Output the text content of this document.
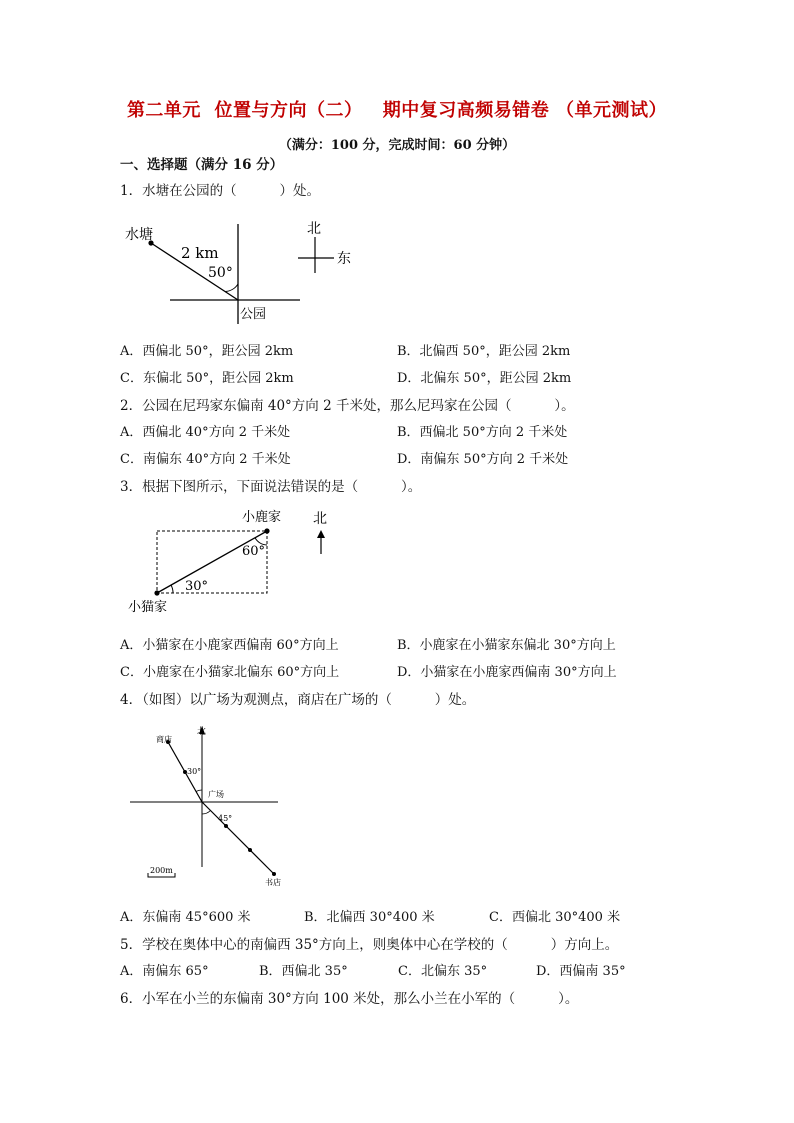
第二单元  位置与方向（二）   期中复习高频易错卷 （单元测试）
（满分：100 分，完成时间：60 分钟）
一、选择题（满分 16 分）
1．水塘在公园的（          ）处。
水塘
2 km
50°
公园
北
东
A．西偏北 50°，距公园 2km	B．北偏西 50°，距公园 2km
C．东偏北 50°，距公园 2km	D．北偏东 50°，距公园 2km
2．公园在尼玛家东偏南 40°方向 2 千米处，那么尼玛家在公园（          ）。
A．西偏北 40°方向 2 千米处	B．西偏北 50°方向 2 千米处
C．南偏东 40°方向 2 千米处	D．南偏东 50°方向 2 千米处
3．根据下图所示，下面说法错误的是（          ）。
小鹿家
60°
30°
小猫家
北
A．小猫家在小鹿家西偏南 60°方向上	B．小鹿家在小猫家东偏北 30°方向上
C．小鹿家在小猫家北偏东 60°方向上	D．小猫家在小鹿家西偏南 30°方向上
4．（如图）以广场为观测点，商店在广场的（          ）处。
北
商店
30°
广场
45°
书店
200m
A．东偏南 45°600 米	B．北偏西 30°400 米	C．西偏北 30°400 米
5．学校在奥体中心的南偏西 35°方向上，则奥体中心在学校的（          ）方向上。
A．南偏东 65°	B．西偏北 35°	C．北偏东 35°	D．西偏南 35°
6．小军在小兰的东偏南 30°方向 100 米处，那么小兰在小军的（          ）。
